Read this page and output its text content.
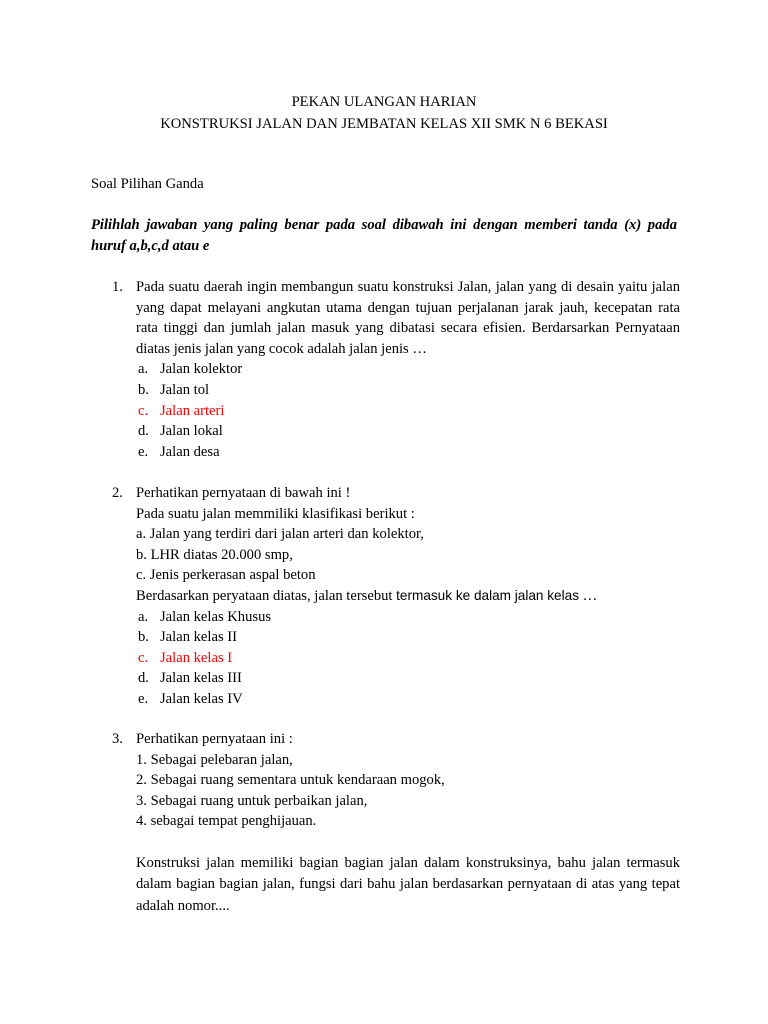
PEKAN ULANGAN HARIAN
KONSTRUKSI JALAN DAN JEMBATAN KELAS XII SMK N 6 BEKASI
Soal Pilihan Ganda
Pilihlah jawaban yang paling benar pada soal dibawah ini dengan memberi tanda (x) pada huruf a,b,c,d atau e
1. Pada suatu daerah ingin membangun suatu konstruksi Jalan, jalan yang di desain yaitu jalan yang dapat melayani angkutan utama dengan tujuan perjalanan jarak jauh, kecepatan rata rata tinggi dan jumlah jalan masuk yang dibatasi secara efisien. Berdarsarkan Pernyataan diatas jenis jalan yang cocok adalah jalan jenis …
a. Jalan kolektor
b. Jalan tol
c. Jalan arteri
d. Jalan lokal
e. Jalan desa
2. Perhatikan pernyataan di bawah ini !
Pada suatu jalan memmiliki klasifikasi berikut :
a. Jalan yang terdiri dari jalan arteri dan kolektor,
b. LHR diatas 20.000 smp,
c. Jenis perkerasan aspal beton
Berdasarkan peryataan diatas, jalan tersebut termasuk ke dalam jalan kelas …
a. Jalan kelas Khusus
b. Jalan kelas II
c. Jalan kelas I
d. Jalan kelas III
e. Jalan kelas IV
3. Perhatikan pernyataan ini :
1. Sebagai pelebaran jalan,
2. Sebagai ruang sementara untuk kendaraan mogok,
3. Sebagai ruang untuk perbaikan jalan,
4. sebagai tempat penghijauan.
Konstruksi jalan memiliki bagian bagian jalan dalam konstruksinya, bahu jalan termasuk dalam bagian bagian jalan, fungsi dari bahu jalan berdasarkan pernyataan di atas yang tepat adalah nomor....
